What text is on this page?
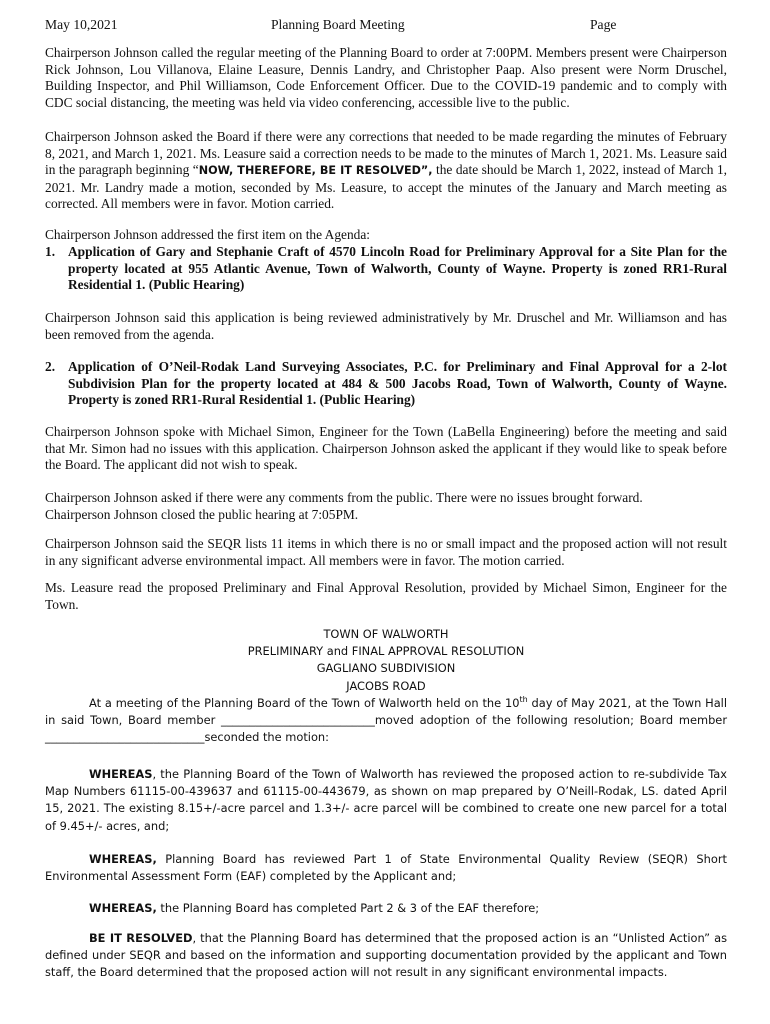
May 10,2021	Planning Board Meeting	Page

Chairperson Johnson called the regular meeting of the Planning Board to order at 7:00PM. Members present were Chairperson Rick Johnson, Lou Villanova, Elaine Leasure, Dennis Landry, and Christopher Paap. Also present were Norm Druschel, Building Inspector, and Phil Williamson, Code Enforcement Officer. Due to the COVID-19 pandemic and to comply with CDC social distancing, the meeting was held via video conferencing, accessible live to the public.

Chairperson Johnson asked the Board if there were any corrections that needed to be made regarding the minutes of February 8, 2021, and March 1, 2021. Ms. Leasure said a correction needs to be made to the minutes of March 1, 2021. Ms. Leasure said in the paragraph beginning “NOW, THEREFORE, BE IT RESOLVED”, the date should be March 1, 2022, instead of March 1, 2021. Mr. Landry made a motion, seconded by Ms. Leasure, to accept the minutes of the January and March meeting as corrected. All members were in favor. Motion carried.

Chairperson Johnson addressed the first item on the Agenda:

1. Application of Gary and Stephanie Craft of 4570 Lincoln Road for Preliminary Approval for a Site Plan for the property located at 955 Atlantic Avenue, Town of Walworth, County of Wayne. Property is zoned RR1-Rural Residential 1. (Public Hearing)

Chairperson Johnson said this application is being reviewed administratively by Mr. Druschel and Mr. Williamson and has been removed from the agenda.

2. Application of O’Neil-Rodak Land Surveying Associates, P.C. for Preliminary and Final Approval for a 2-lot Subdivision Plan for the property located at 484 & 500 Jacobs Road, Town of Walworth, County of Wayne. Property is zoned RR1-Rural Residential 1. (Public Hearing)

Chairperson Johnson spoke with Michael Simon, Engineer for the Town (LaBella Engineering) before the meeting and said that Mr. Simon had no issues with this application. Chairperson Johnson asked the applicant if they would like to speak before the Board. The applicant did not wish to speak.

Chairperson Johnson asked if there were any comments from the public. There were no issues brought forward.
Chairperson Johnson closed the public hearing at 7:05PM.

Chairperson Johnson said the SEQR lists 11 items in which there is no or small impact and the proposed action will not result in any significant adverse environmental impact. All members were in favor. The motion carried.

Ms. Leasure read the proposed Preliminary and Final Approval Resolution, provided by Michael Simon, Engineer for the Town.

TOWN OF WALWORTH
PRELIMINARY and FINAL APPROVAL RESOLUTION
GAGLIANO SUBDIVISION
JACOBS ROAD

At a meeting of the Planning Board of the Town of Walworth held on the 10th day of May 2021, at the Town Hall in said Town, Board member ___________________________moved adoption of the following resolution; Board member ____________________________seconded the motion:

WHEREAS, the Planning Board of the Town of Walworth has reviewed the proposed action to re-subdivide Tax Map Numbers 61115-00-439637 and 61115-00-443679, as shown on map prepared by O’Neill-Rodak, LS. dated April 15, 2021. The existing 8.15+/-acre parcel and 1.3+/- acre parcel will be combined to create one new parcel for a total of 9.45+/- acres, and;

WHEREAS, Planning Board has reviewed Part 1 of State Environmental Quality Review (SEQR) Short Environmental Assessment Form (EAF) completed by the Applicant and;

WHEREAS, the Planning Board has completed Part 2 & 3 of the EAF therefore;

BE IT RESOLVED, that the Planning Board has determined that the proposed action is an “Unlisted Action” as defined under SEQR and based on the information and supporting documentation provided by the applicant and Town staff, the Board determined that the proposed action will not result in any significant environmental impacts.
